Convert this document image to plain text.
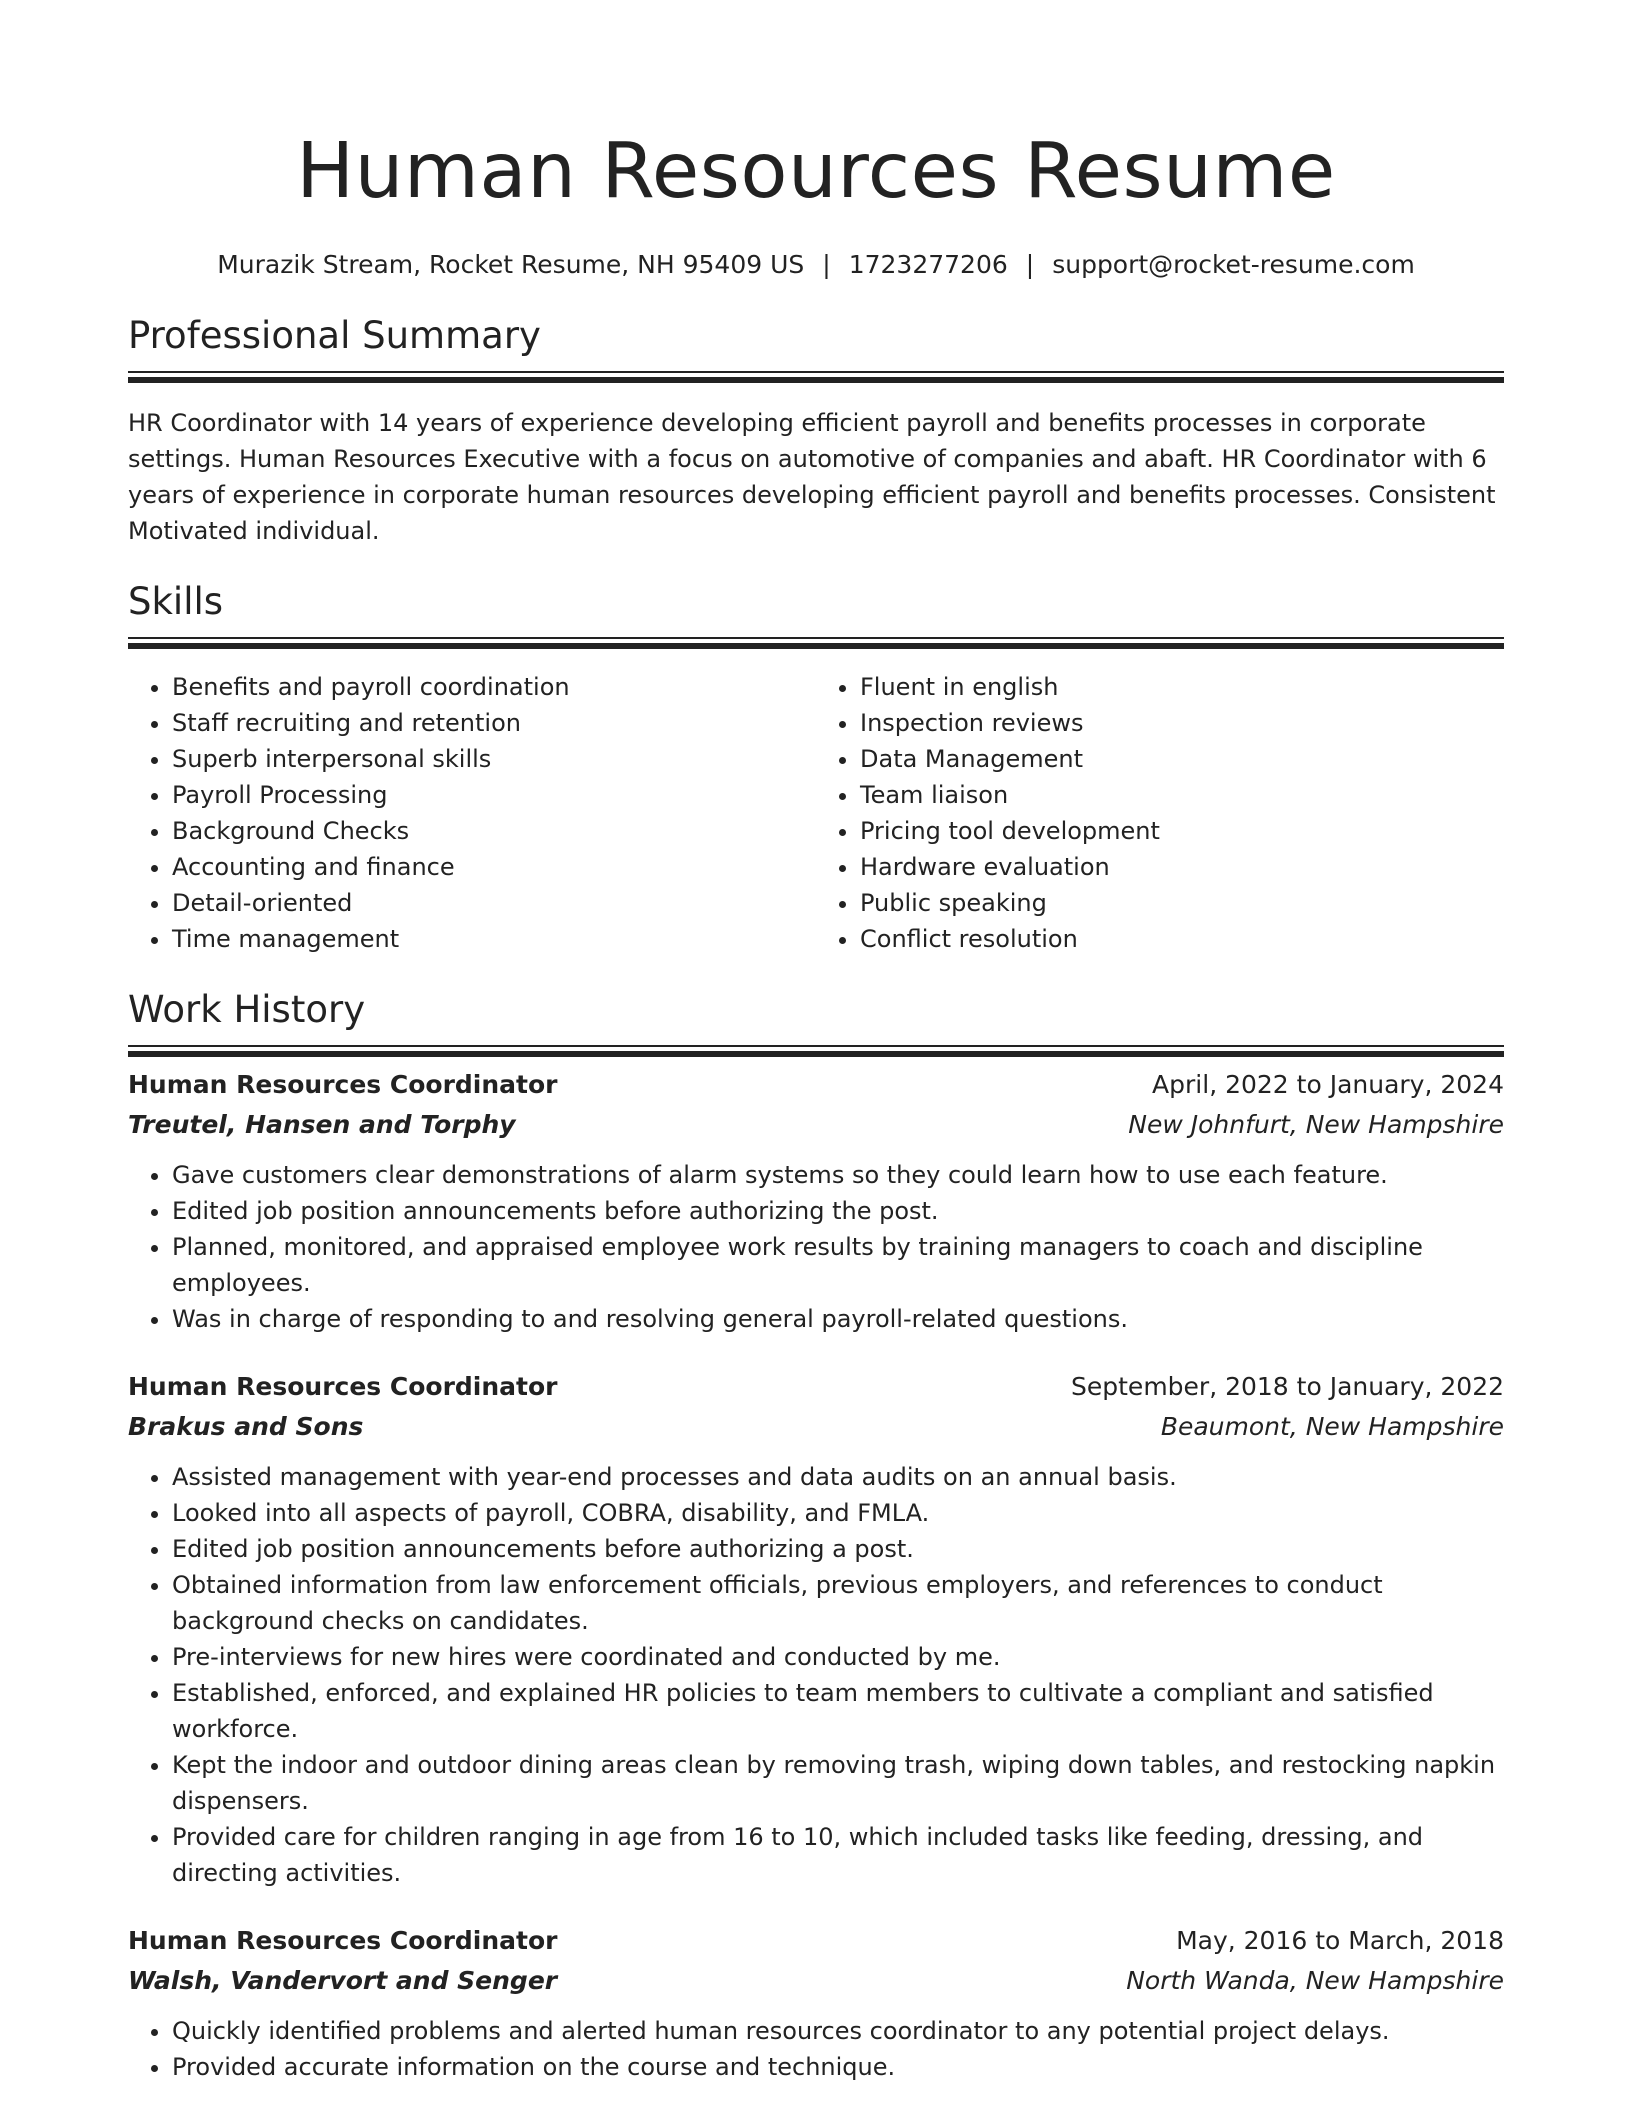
Human Resources Resume
Murazik Stream, Rocket Resume, NH 95409 US | 1723277206 | support@rocket-resume.com
Professional Summary

HR Coordinator with 14 years of experience developing efficient payroll and benefits processes in corporate settings. Human Resources Executive with a focus on automotive of companies and abaft. HR Coordinator with 6 years of experience in corporate human resources developing efficient payroll and benefits processes. Consistent Motivated individual.

Skills
• Benefits and payroll coordination
• Staff recruiting and retention
• Superb interpersonal skills
• Payroll Processing
• Background Checks
• Accounting and finance
• Detail-oriented
• Time management
• Fluent in english
• Inspection reviews
• Data Management
• Team liaison
• Pricing tool development
• Hardware evaluation
• Public speaking
• Conflict resolution
Work History
Human Resources Coordinator	April, 2022 to January, 2024
Treutel, Hansen and Torphy	New Johnfurt, New Hampshire
• Gave customers clear demonstrations of alarm systems so they could learn how to use each feature.
• Edited job position announcements before authorizing the post.
• Planned, monitored, and appraised employee work results by training managers to coach and discipline employees.
• Was in charge of responding to and resolving general payroll-related questions.
Human Resources Coordinator	September, 2018 to January, 2022
Brakus and Sons	Beaumont, New Hampshire
• Assisted management with year-end processes and data audits on an annual basis.
• Looked into all aspects of payroll, COBRA, disability, and FMLA.
• Edited job position announcements before authorizing a post.
• Obtained information from law enforcement officials, previous employers, and references to conduct background checks on candidates.
• Pre-interviews for new hires were coordinated and conducted by me.
• Established, enforced, and explained HR policies to team members to cultivate a compliant and satisfied workforce.
• Kept the indoor and outdoor dining areas clean by removing trash, wiping down tables, and restocking napkin dispensers.
• Provided care for children ranging in age from 16 to 10, which included tasks like feeding, dressing, and directing activities.
Human Resources Coordinator	May, 2016 to March, 2018
Walsh, Vandervort and Senger	North Wanda, New Hampshire
• Quickly identified problems and alerted human resources coordinator to any potential project delays.
• Provided accurate information on the course and technique.
